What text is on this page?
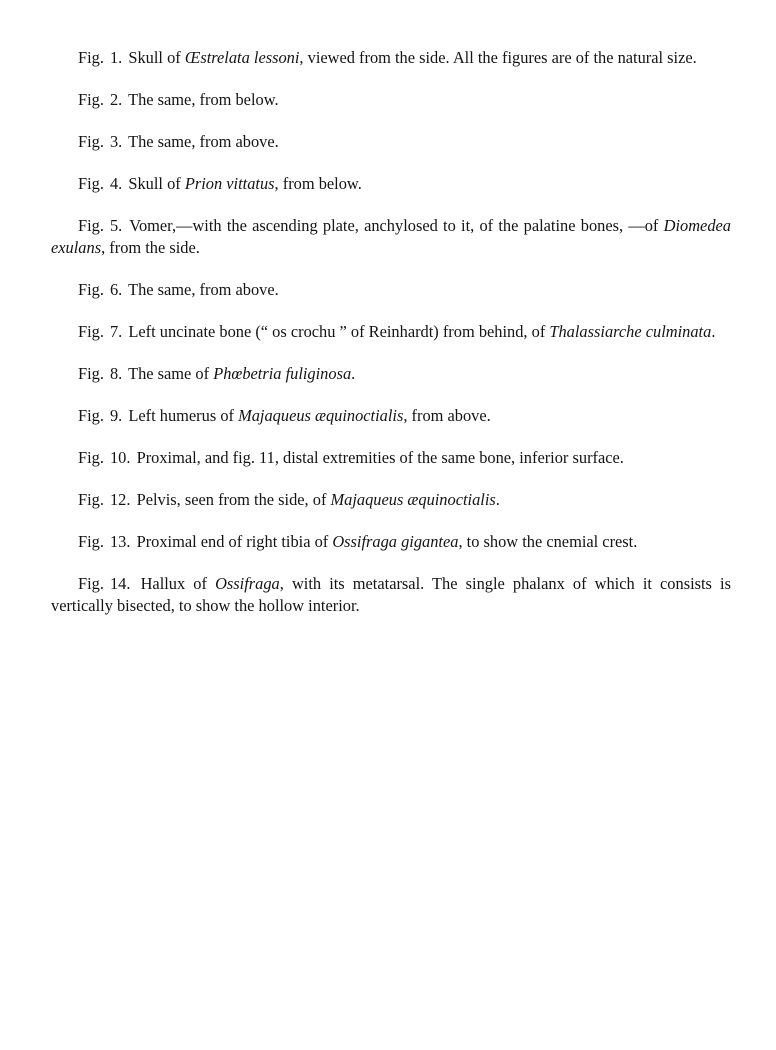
Fig. 1. Skull of Œstrelata lessoni, viewed from the side. All the figures are of the natural size.

Fig. 2. The same, from below.

Fig. 3. The same, from above.

Fig. 4. Skull of Prion vittatus, from below.

Fig. 5. Vomer,—with the ascending plate, anchylosed to it, of the palatine bones, —of Diomedea exulans, from the side.

Fig. 6. The same, from above.

Fig. 7. Left uncinate bone (“ os crochu ” of Reinhardt) from behind, of Thalassiarche culminata.

Fig. 8. The same of Phœbetria fuliginosa.

Fig. 9. Left humerus of Majaqueus æquinoctialis, from above.

Fig. 10. Proximal, and fig. 11, distal extremities of the same bone, inferior surface.

Fig. 12. Pelvis, seen from the side, of Majaqueus æquinoctialis.

Fig. 13. Proximal end of right tibia of Ossifraga gigantea, to show the cnemial crest.

Fig. 14. Hallux of Ossifraga, with its metatarsal. The single phalanx of which it consists is vertically bisected, to show the hollow interior.
